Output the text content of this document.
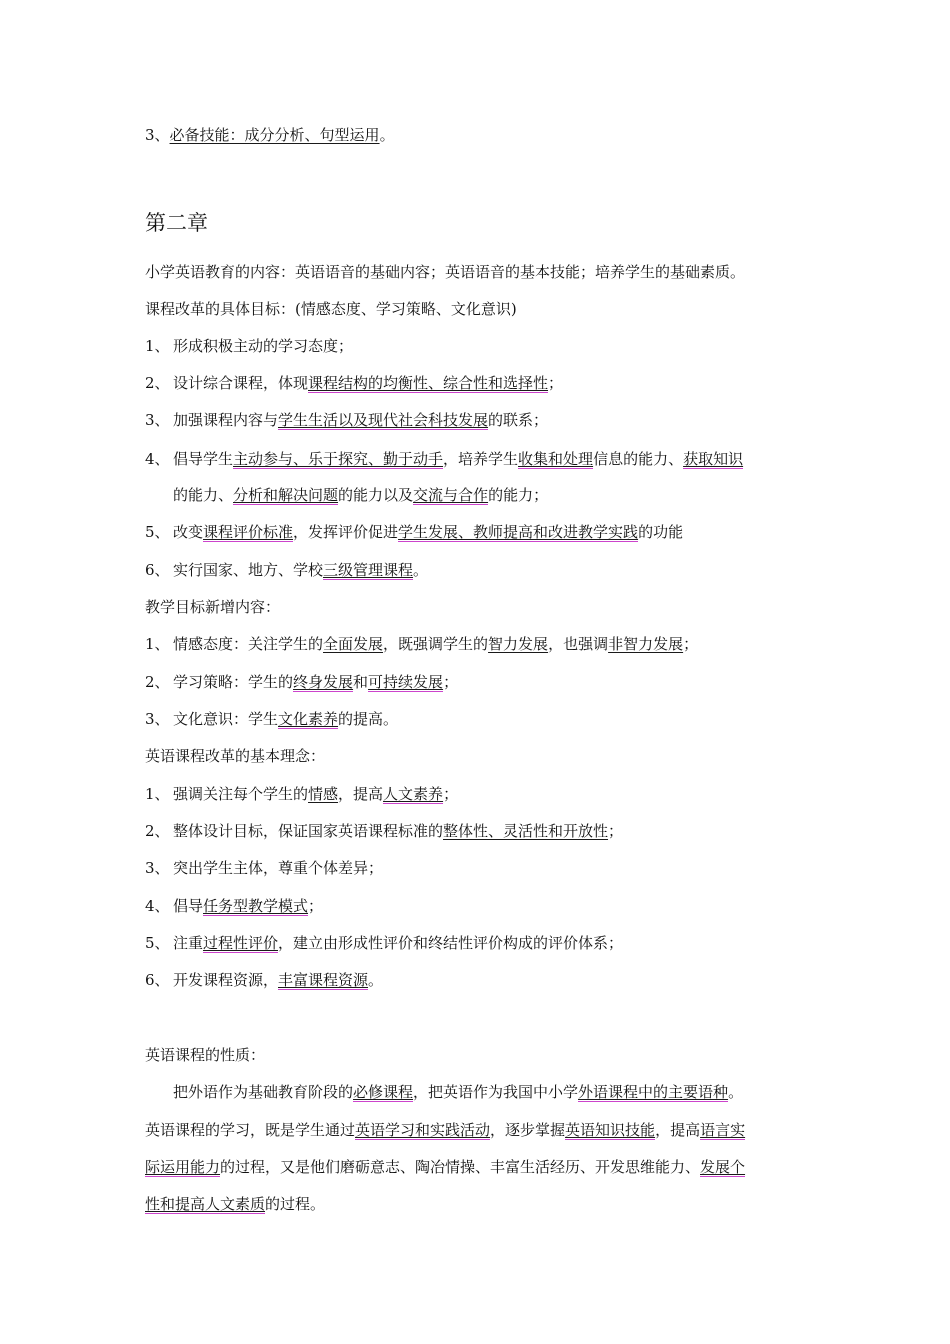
3、必备技能：成分分析、句型运用。
第二章
小学英语教育的内容：英语语音的基础内容；英语语音的基本技能；培养学生的基础素质。
课程改革的具体目标：(情感态度、学习策略、文化意识)
1、 形成积极主动的学习态度；
2、 设计综合课程，体现课程结构的均衡性、综合性和选择性；
3、 加强课程内容与学生生活以及现代社会科技发展的联系；
4、 倡导学生主动参与、乐于探究、勤于动手，培养学生收集和处理信息的能力、获取知识
的能力、分析和解决问题的能力以及交流与合作的能力；
5、 改变课程评价标准，发挥评价促进学生发展、教师提高和改进教学实践的功能
6、 实行国家、地方、学校三级管理课程。
教学目标新增内容：
1、 情感态度：关注学生的全面发展，既强调学生的智力发展，也强调非智力发展；
2、 学习策略：学生的终身发展和可持续发展；
3、 文化意识：学生文化素养的提高。
英语课程改革的基本理念：
1、 强调关注每个学生的情感，提高人文素养；
2、 整体设计目标，保证国家英语课程标准的整体性、灵活性和开放性；
3、 突出学生主体，尊重个体差异；
4、 倡导任务型教学模式；
5、 注重过程性评价，建立由形成性评价和终结性评价构成的评价体系；
6、 开发课程资源，丰富课程资源。
英语课程的性质：
把外语作为基础教育阶段的必修课程，把英语作为我国中小学外语课程中的主要语种。
英语课程的学习，既是学生通过英语学习和实践活动，逐步掌握英语知识技能，提高语言实
际运用能力的过程，又是他们磨砺意志、陶冶情操、丰富生活经历、开发思维能力、发展个
性和提高人文素质的过程。
